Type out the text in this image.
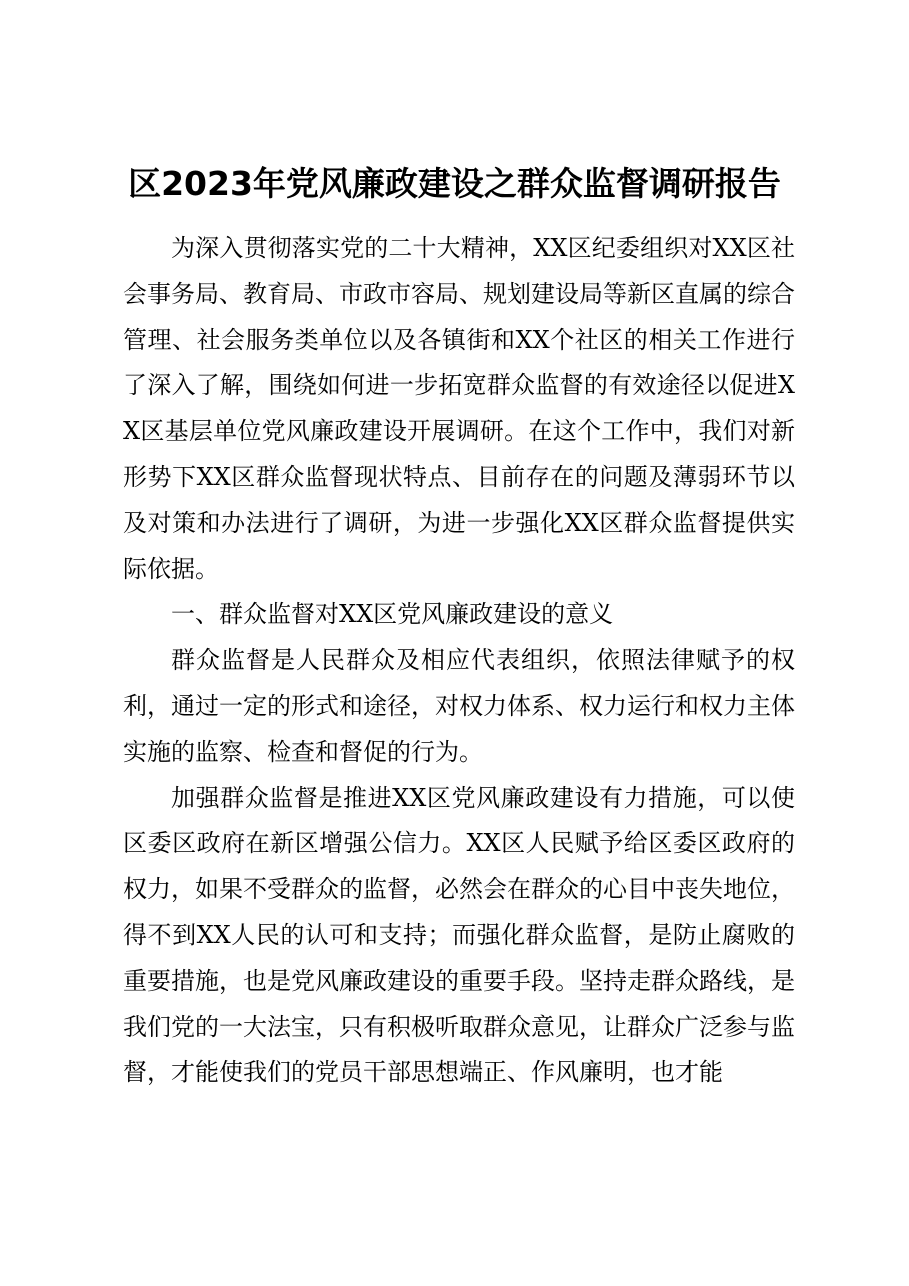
区2023年党风廉政建设之群众监督调研报告

为深入贯彻落实党的二十大精神，XX区纪委组织对XX区社会事务局、教育局、市政市容局、规划建设局等新区直属的综合管理、社会服务类单位以及各镇街和XX个社区的相关工作进行了深入了解，围绕如何进一步拓宽群众监督的有效途径以促进XX区基层单位党风廉政建设开展调研。在这个工作中，我们对新形势下XX区群众监督现状特点、目前存在的问题及薄弱环节以及对策和办法进行了调研，为进一步强化XX区群众监督提供实际依据。

一、群众监督对XX区党风廉政建设的意义

群众监督是人民群众及相应代表组织，依照法律赋予的权利，通过一定的形式和途径，对权力体系、权力运行和权力主体实施的监察、检查和督促的行为。

加强群众监督是推进XX区党风廉政建设有力措施，可以使区委区政府在新区增强公信力。XX区人民赋予给区委区政府的权力，如果不受群众的监督，必然会在群众的心目中丧失地位，得不到XX人民的认可和支持；而强化群众监督，是防止腐败的重要措施，也是党风廉政建设的重要手段。坚持走群众路线，是我们党的一大法宝，只有积极听取群众意见，让群众广泛参与监督，才能使我们的党员干部思想端正、作风廉明，也才能
